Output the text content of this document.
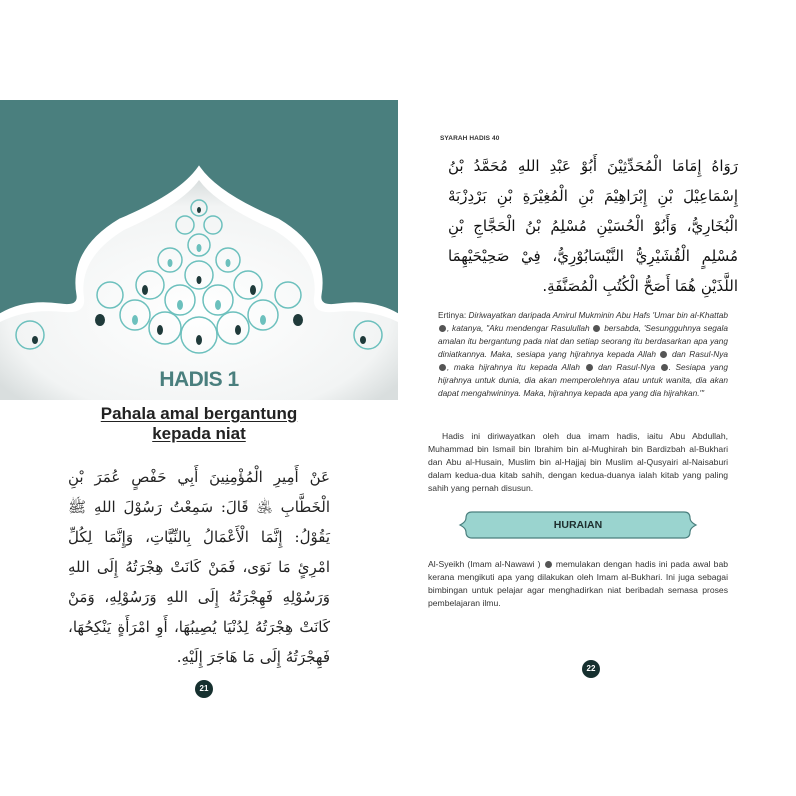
HADIS 1
Pahala amal bergantung
kepada niat
عَنْ أَمِيرِ الْمُؤْمِنِينَ أَبِي حَفْصٍ عُمَرَ بْنِ الْخَطَّابِ ﵁ قَالَ: سَمِعْتُ رَسُوْلَ اللهِ ﷺ يَقُوْلُ: إِنَّمَا الْأَعْمَالُ بِالنِّيَّاتِ، وَإِنَّمَا لِكُلِّ امْرِئٍ مَا نَوَى، فَمَنْ كَانَتْ هِجْرَتُهُ إِلَى اللهِ وَرَسُوْلِهِ فَهِجْرَتُهُ إِلَى اللهِ وَرَسُوْلِهِ، وَمَنْ كَانَتْ هِجْرَتُهُ لِدُنْيَا يُصِيبُهَا، أَوِ امْرَأَةٍ يَنْكِحُهَا، فَهِجْرَتُهُ إِلَى مَا هَاجَرَ إِلَيْهِ.
21
SYARAH HADIS 40
رَوَاهُ إِمَامَا الْمُحَدِّثِيْنَ أَبُوْ عَبْدِ اللهِ مُحَمَّدُ بْنُ إِسْمَاعِيْلَ بْنِ إِبْرَاهِيْمَ بْنِ الْمُغِيْرَةِ بْنِ بَرْدِزْبَهْ الْبُخَارِيُّ، وَأَبُوْ الْحُسَيْنِ مُسْلِمُ بْنُ الْحَجَّاجِ بْنِ مُسْلِمٍ الْقُشَيْرِيُّ النَّيْسَابُوْرِيُّ، فِيْ صَحِيْحَيْهِمَا اللَّذَيْنِ هُمَا أَصَحُّ الْكُتُبِ الْمُصَنَّفَةِ.
Ertinya: Diriwayatkan daripada Amirul Mukminin Abu Hafs 'Umar bin al-Khattab , katanya, "Aku mendengar Rasulullah bersabda, 'Sesungguhnya segala amalan itu bergantung pada niat dan setiap seorang itu berdasarkan apa yang diniatkannya. Maka, sesiapa yang hijrahnya kepada Allah dan Rasul-Nya , maka hijrahnya itu kepada Allah dan Rasul-Nya . Sesiapa yang hijrahnya untuk dunia, dia akan memperolehnya atau untuk wanita, dia akan dapat mengahwininya. Maka, hijrahnya kepada apa yang dia hijrahkan.'"
Hadis ini diriwayatkan oleh dua imam hadis, iaitu Abu Abdullah, Muhammad bin Ismail bin Ibrahim bin al-Mughirah bin Bardizbah al-Bukhari dan Abu al-Husain, Muslim bin al-Hajjaj bin Muslim al-Qusyairi al-Naisaburi dalam kedua-dua kitab sahih, dengan kedua-duanya ialah kitab yang paling sahih yang pernah disusun.
HURAIAN
Al-Syeikh (Imam al-Nawawi ) memulakan dengan hadis ini pada awal bab kerana mengikuti apa yang dilakukan oleh Imam al-Bukhari. Ini juga sebagai bimbingan untuk pelajar agar menghadirkan niat beribadah semasa proses pembelajaran ilmu.
22
